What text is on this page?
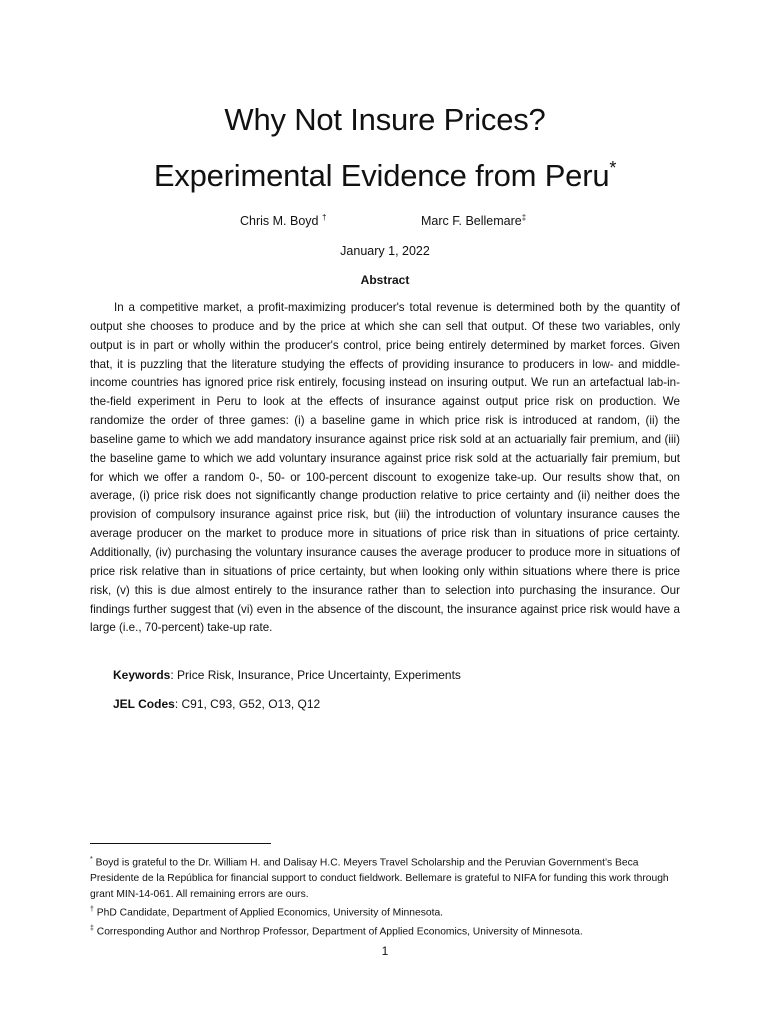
Why Not Insure Prices?
Experimental Evidence from Peru*
Chris M. Boyd †	Marc F. Bellemare‡
January 1, 2022
Abstract

In a competitive market, a profit-maximizing producer's total revenue is determined both by the quantity of output she chooses to produce and by the price at which she can sell that output. Of these two variables, only output is in part or wholly within the producer's control, price being entirely determined by market forces. Given that, it is puzzling that the literature studying the effects of providing insurance to producers in low- and middle-income countries has ignored price risk entirely, focusing instead on insuring output. We run an artefactual lab-in-the-field experiment in Peru to look at the effects of insurance against output price risk on production. We randomize the order of three games: (i) a baseline game in which price risk is introduced at random, (ii) the baseline game to which we add mandatory insurance against price risk sold at an actuarially fair premium, and (iii) the baseline game to which we add voluntary insurance against price risk sold at the actuarially fair premium, but for which we offer a random 0-, 50- or 100-percent discount to exogenize take-up. Our results show that, on average, (i) price risk does not significantly change production relative to price certainty and (ii) neither does the provision of compulsory insurance against price risk, but (iii) the introduction of voluntary insurance causes the average producer on the market to produce more in situations of price risk than in situations of price certainty. Additionally, (iv) purchasing the voluntary insurance causes the average producer to produce more in situations of price risk relative than in situations of price certainty, but when looking only within situations where there is price risk, (v) this is due almost entirely to the insurance rather than to selection into purchasing the insurance. Our findings further suggest that (vi) even in the absence of the discount, the insurance against price risk would have a large (i.e., 70-percent) take-up rate.

Keywords: Price Risk, Insurance, Price Uncertainty, Experiments
JEL Codes: C91, C93, G52, O13, Q12

* Boyd is grateful to the Dr. William H. and Dalisay H.C. Meyers Travel Scholarship and the Peruvian Government’s Beca Presidente de la República for financial support to conduct fieldwork. Bellemare is grateful to NIFA for funding this work through grant MIN-14-061. All remaining errors are ours.

† PhD Candidate, Department of Applied Economics, University of Minnesota.

‡ Corresponding Author and Northrop Professor, Department of Applied Economics, University of Minnesota.

1
